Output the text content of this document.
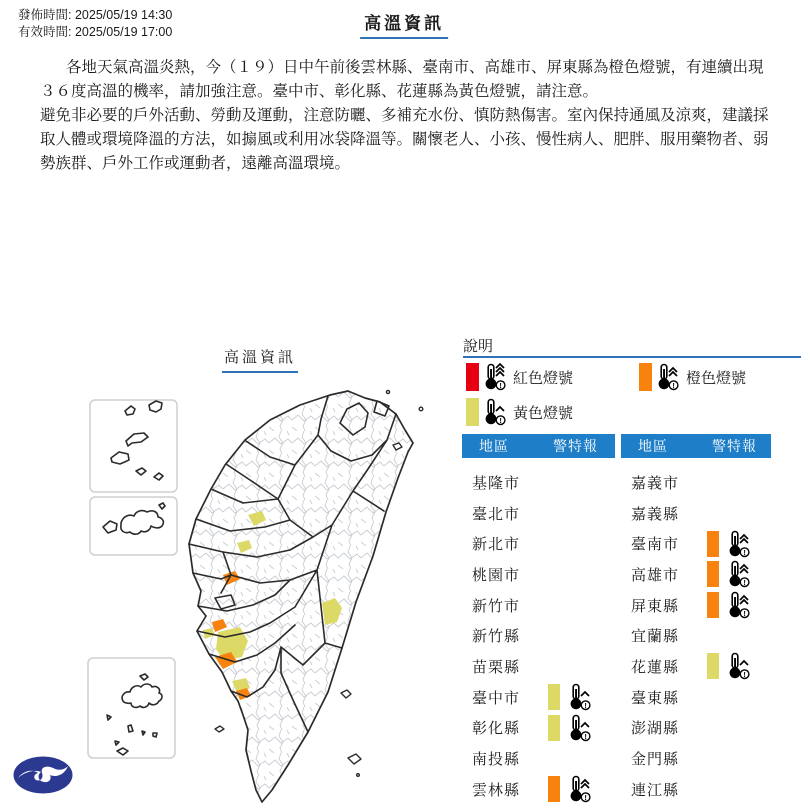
發佈時間: 2025/05/19 14:30
有效時間: 2025/05/19 17:00	高溫資訊

各地天氣高溫炎熱，今（１９）日中午前後雲林縣、臺南市、高雄市、屏東縣為橙色燈號，有連續出現３６度高溫的機率，請加強注意。臺中市、彰化縣、花蓮縣為黃色燈號，請注意。

避免非必要的戶外活動、勞動及運動，注意防曬、多補充水份、慎防熱傷害。室內保持通風及涼爽，建議採取人體或環境降溫的方法，如搧風或利用冰袋降溫等。關懷老人、小孩、慢性病人、肥胖、服用藥物者、弱勢族群、戶外工作或運動者，遠離高溫環境。

高溫資訊
說明
! 紅色燈號	! 橙色燈號
! 黃色燈號
地區	警特報	地區	警特報
基隆市
臺北市
新北市
桃園市
新竹市
新竹縣
苗栗縣
臺中市	!
彰化縣	!
南投縣
雲林縣	!
嘉義市
嘉義縣
臺南市	!
高雄市	!
屏東縣	!
宜蘭縣
花蓮縣	!
臺東縣
澎湖縣
金門縣
連江縣
